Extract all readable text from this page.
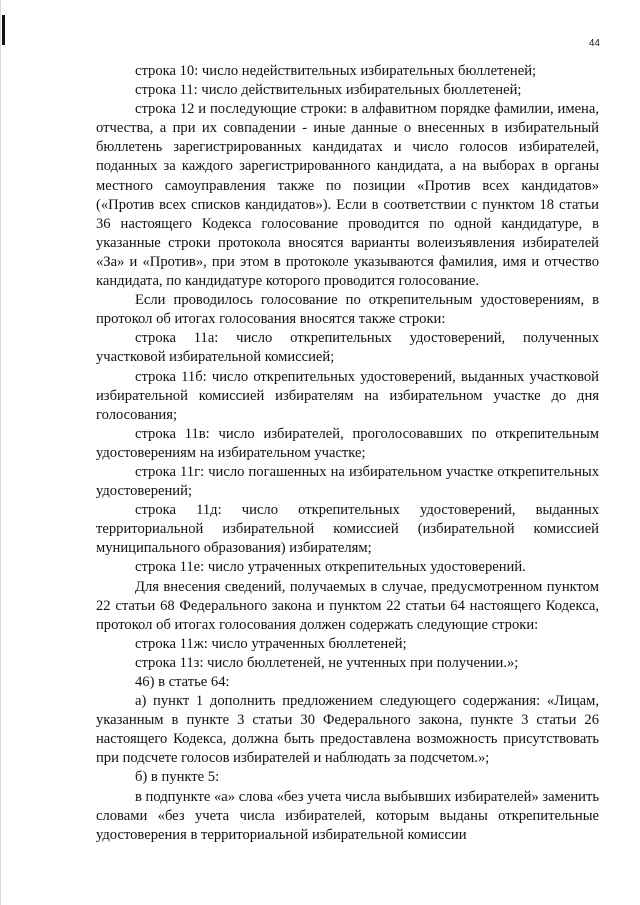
44

строка 10: число недействительных избирательных бюллетеней;

строка 11: число действительных избирательных бюллетеней;

строка 12 и последующие строки: в алфавитном порядке фамилии, имена, отчества, а при их совпадении - иные данные о внесенных в избирательный бюллетень зарегистрированных кандидатах и число голосов избирателей, поданных за каждого зарегистрированного кандидата, а на выборах в органы местного самоуправления также по позиции «Против всех кандидатов» («Против всех списков кандидатов»). Если в соответствии с пунктом 18 статьи 36 настоящего Кодекса голосование проводится по одной кандидатуре, в указанные строки протокола вносятся варианты волеизъявления избирателей «За» и «Против», при этом в протоколе указываются фамилия, имя и отчество кандидата, по кандидатуре которого проводится голосование.

Если проводилось голосование по открепительным удостоверениям, в протокол об итогах голосования вносятся также строки:

строка 11а: число открепительных удостоверений, полученных участковой избирательной комиссией;

строка 11б: число открепительных удостоверений, выданных участковой избирательной комиссией избирателям на избирательном участке до дня голосования;

строка 11в: число избирателей, проголосовавших по открепительным удостоверениям на избирательном участке;

строка 11г: число погашенных на избирательном участке открепительных удостоверений;

строка 11д: число открепительных удостоверений, выданных территориальной избирательной комиссией (избирательной комиссией муниципального образования) избирателям;

строка 11е: число утраченных открепительных удостоверений.

Для внесения сведений, получаемых в случае, предусмотренном пунктом 22 статьи 68 Федерального закона и пунктом 22 статьи 64 настоящего Кодекса, протокол об итогах голосования должен содержать следующие строки:

строка 11ж: число утраченных бюллетеней;

строка 11з: число бюллетеней, не учтенных при получении.»;

46) в статье 64:

а) пункт 1 дополнить предложением следующего содержания: «Лицам, указанным в пункте 3 статьи 30 Федерального закона, пункте 3 статьи 26 настоящего Кодекса, должна быть предоставлена возможность присутствовать при подсчете голосов избирателей и наблюдать за подсчетом.»;

б) в пункте 5:

в подпункте «а» слова «без учета числа выбывших избирателей» заменить словами «без учета числа избирателей, которым выданы открепительные удостоверения в территориальной избирательной комиссии
